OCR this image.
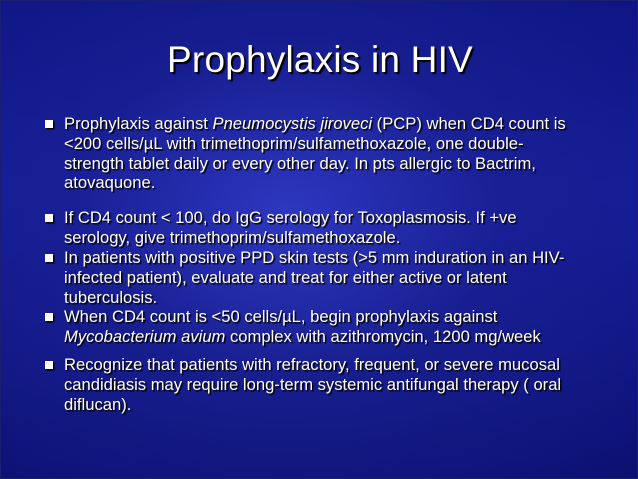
Prophylaxis in HIV
Prophylaxis against Pneumocystis jiroveci (PCP) when CD4 count is
<200 cells/µL with trimethoprim/sulfamethoxazole, one double-
strength tablet daily or every other day. In pts allergic to Bactrim,
atovaquone.
If CD4 count < 100, do IgG serology for Toxoplasmosis. If +ve
serology, give trimethoprim/sulfamethoxazole.
In patients with positive PPD skin tests (>5 mm induration in an HIV-
infected patient), evaluate and treat for either active or latent
tuberculosis.
When CD4 count is <50 cells/µL, begin prophylaxis against
Mycobacterium avium complex with azithromycin, 1200 mg/week
Recognize that patients with refractory, frequent, or severe mucosal
candidiasis may require long-term systemic antifungal therapy ( oral
diflucan).
